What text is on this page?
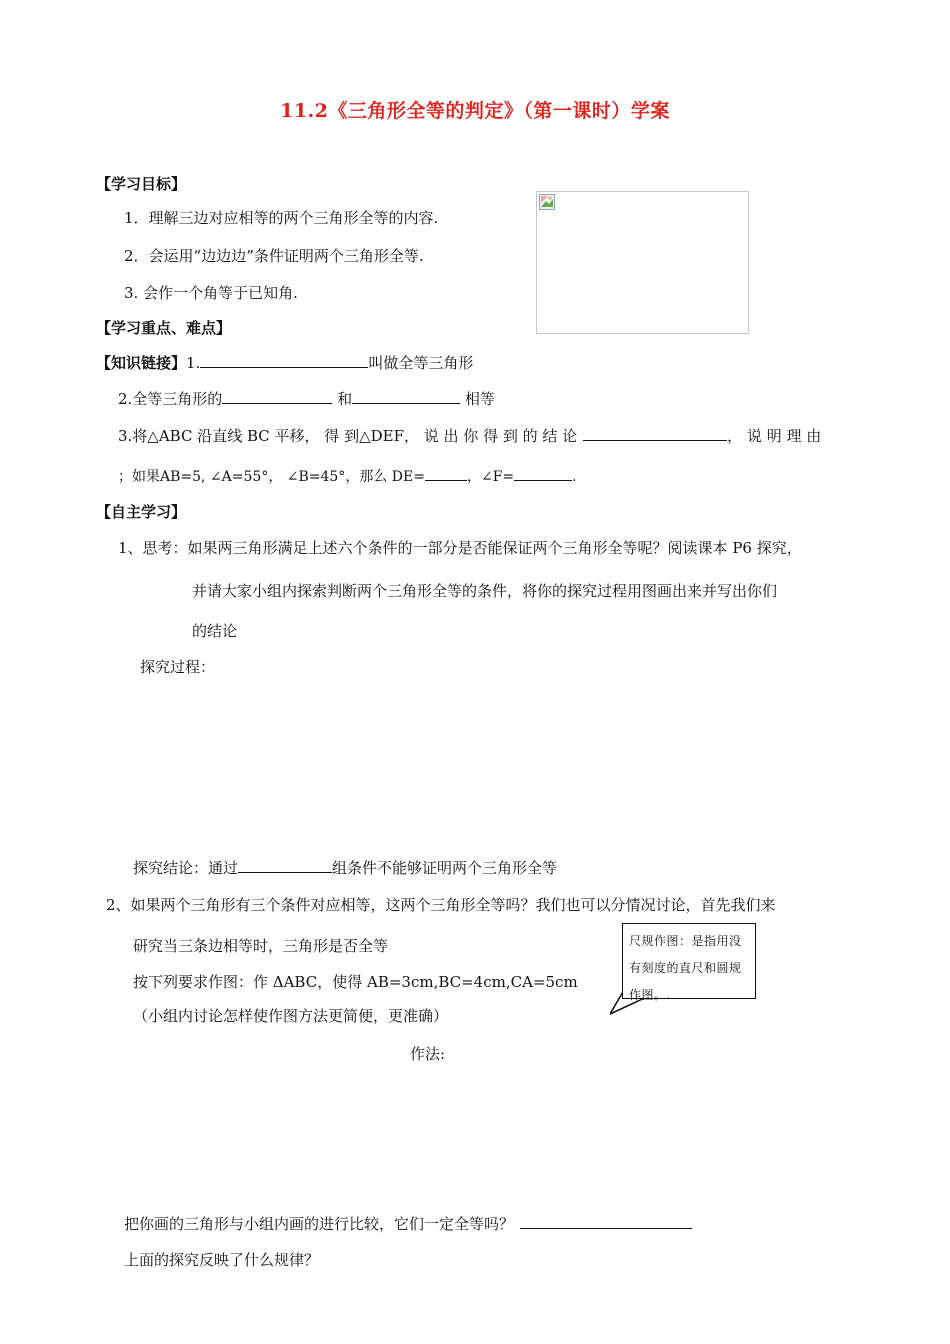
11.2《三角形全等的判定》（第一课时）学案
【学习目标】
1．理解三边对应相等的两个三角形全等的内容.
2．会运用“边边边”条件证明两个三角形全等.
3. 会作一个角等于已知角.
【学习重点、难点】
【知识链接】1.	叫做全等三角形
2.全等三角形的	和	相等
3.将△ABC 沿直线 BC 平移， 得 到△DEF， 说 出 你 得 到 的 结 论	， 说 明 理 由
；如果AB=5, ∠A=55°， ∠B=45°，那么 DE=	，∠F=	.
【自主学习】
1、思考：如果两三角形满足上述六个条件的一部分是否能保证两个三角形全等呢？阅读课本 P6 探究，
并请大家小组内探索判断两个三角形全等的条件，将你的探究过程用图画出来并写出你们
的结论
探究过程：
探究结论：通过	组条件不能够证明两个三角形全等
2、如果两个三角形有三个条件对应相等，这两个三角形全等吗？我们也可以分情况讨论，首先我们来
研究当三条边相等时，三角形是否全等
按下列要求作图：作 ΔABC，使得 AB=3cm,BC=4cm,CA=5cm
（小组内讨论怎样使作图方法更简便，更准确）
作法:
尺规作图：是指用没有刻度的直尺和圆规作图。.
把你画的三角形与小组内画的进行比较，它们一定全等吗？
上面的探究反映了什么规律？
